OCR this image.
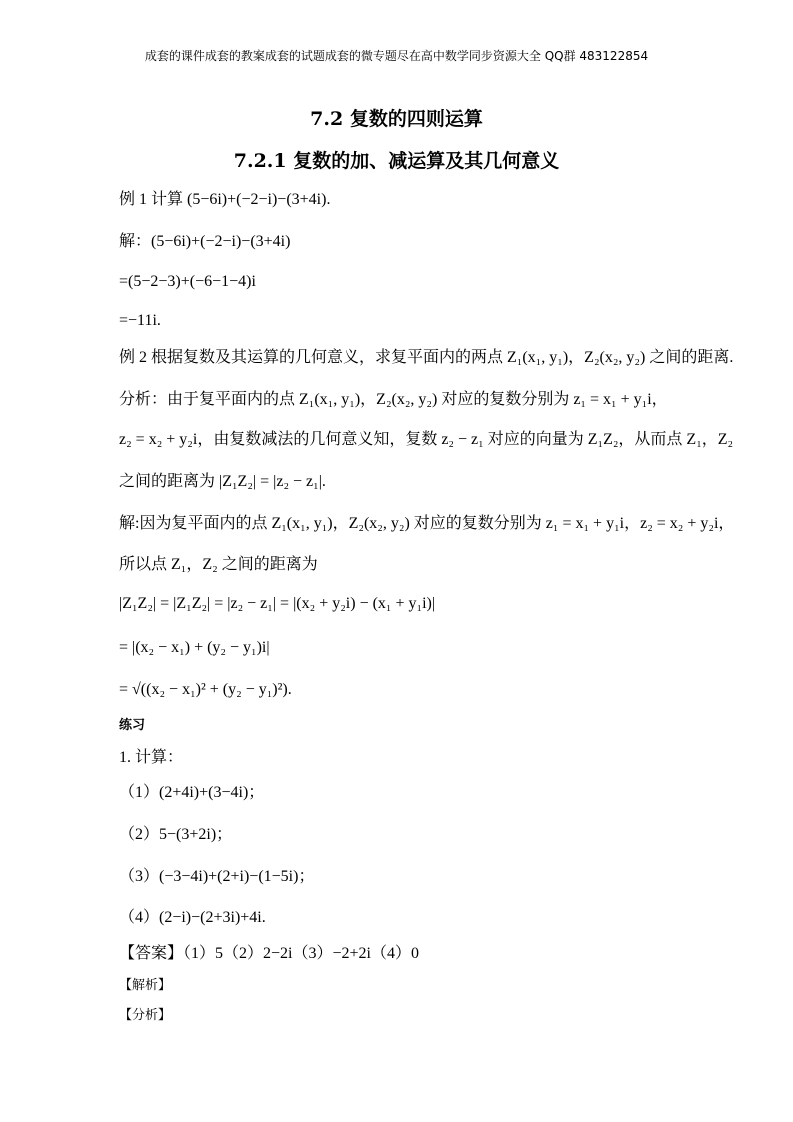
成套的课件成套的教案成套的试题成套的微专题尽在高中数学同步资源大全 QQ群 483122854
7.2 复数的四则运算
7.2.1 复数的加、减运算及其几何意义
例 1 计算 (5−6i)+(−2−i)−(3+4i).
解：(5−6i)+(−2−i)−(3+4i)
=(5−2−3)+(−6−1−4)i
=−11i.
例 2 根据复数及其运算的几何意义，求复平面内的两点 Z₁(x₁, y₁)，Z₂(x₂, y₂) 之间的距离.
分析：由于复平面内的点 Z₁(x₁, y₁)，Z₂(x₂, y₂) 对应的复数分别为 z₁ = x₁ + y₁i，
z₂ = x₂ + y₂i，由复数减法的几何意义知，复数 z₂ − z₁ 对应的向量为 Z₁Z₂，从而点 Z₁，Z₂
之间的距离为 |Z₁Z₂| = |z₂ − z₁|.
解:因为复平面内的点 Z₁(x₁, y₁)，Z₂(x₂, y₂) 对应的复数分别为 z₁ = x₁ + y₁i，z₂ = x₂ + y₂i，
所以点 Z₁，Z₂ 之间的距离为
|Z₁Z₂| = |Z₁Z₂| = |z₂ − z₁| = |(x₂ + y₂i) − (x₁ + y₁i)|
= |(x₂ − x₁) + (y₂ − y₁)i|
= √((x₂ − x₁)² + (y₂ − y₁)²).
练习
1. 计算：
（1）(2+4i)+(3−4i)；
（2）5−(3+2i)；
（3）(−3−4i)+(2+i)−(1−5i)；
（4）(2−i)−(2+3i)+4i.
【答案】（1）5（2）2−2i（3）−2+2i（4）0
【解析】
【分析】
